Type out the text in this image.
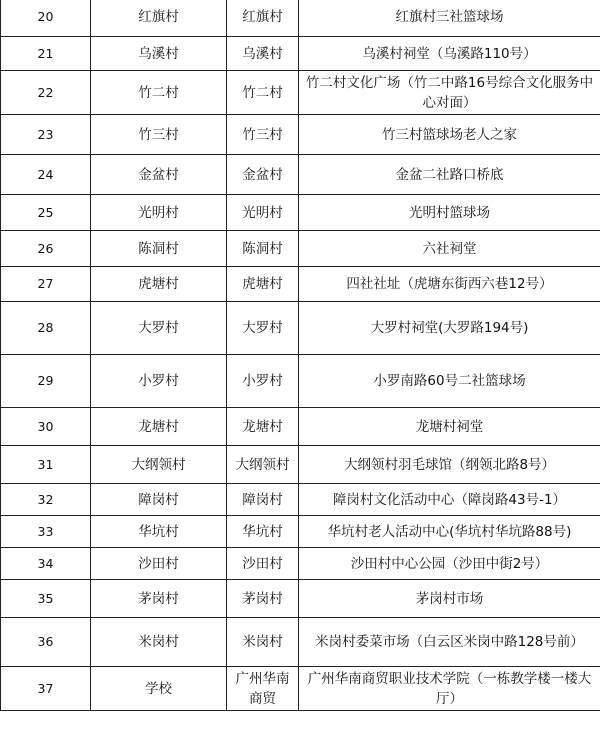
20	红旗村	红旗村	红旗村三社篮球场
21	乌溪村	乌溪村	乌溪村祠堂（乌溪路110号）
22	竹二村	竹二村	竹二村文化广场（竹二中路16号综合文化服务中心对面）
23	竹三村	竹三村	竹三村篮球场老人之家
24	金盆村	金盆村	金盆二社路口桥底
25	光明村	光明村	光明村篮球场
26	陈洞村	陈洞村	六社祠堂
27	虎塘村	虎塘村	四社社址（虎塘东街西六巷12号）
28	大罗村	大罗村	大罗村祠堂(大罗路194号)
29	小罗村	小罗村	小罗南路60号二社篮球场
30	龙塘村	龙塘村	龙塘村祠堂
31	大纲领村	大纲领村	大纲领村羽毛球馆（纲领北路8号）
32	障岗村	障岗村	障岗村文化活动中心（障岗路43号-1）
33	华坑村	华坑村	华坑村老人活动中心(华坑村华坑路88号)
34	沙田村	沙田村	沙田村中心公园（沙田中街2号）
35	茅岗村	茅岗村	茅岗村市场
36	米岗村	米岗村	米岗村委菜市场（白云区米岗中路128号前）
37	学校	广州华南商贸	广州华南商贸职业技术学院（一栋教学楼一楼大厅）
